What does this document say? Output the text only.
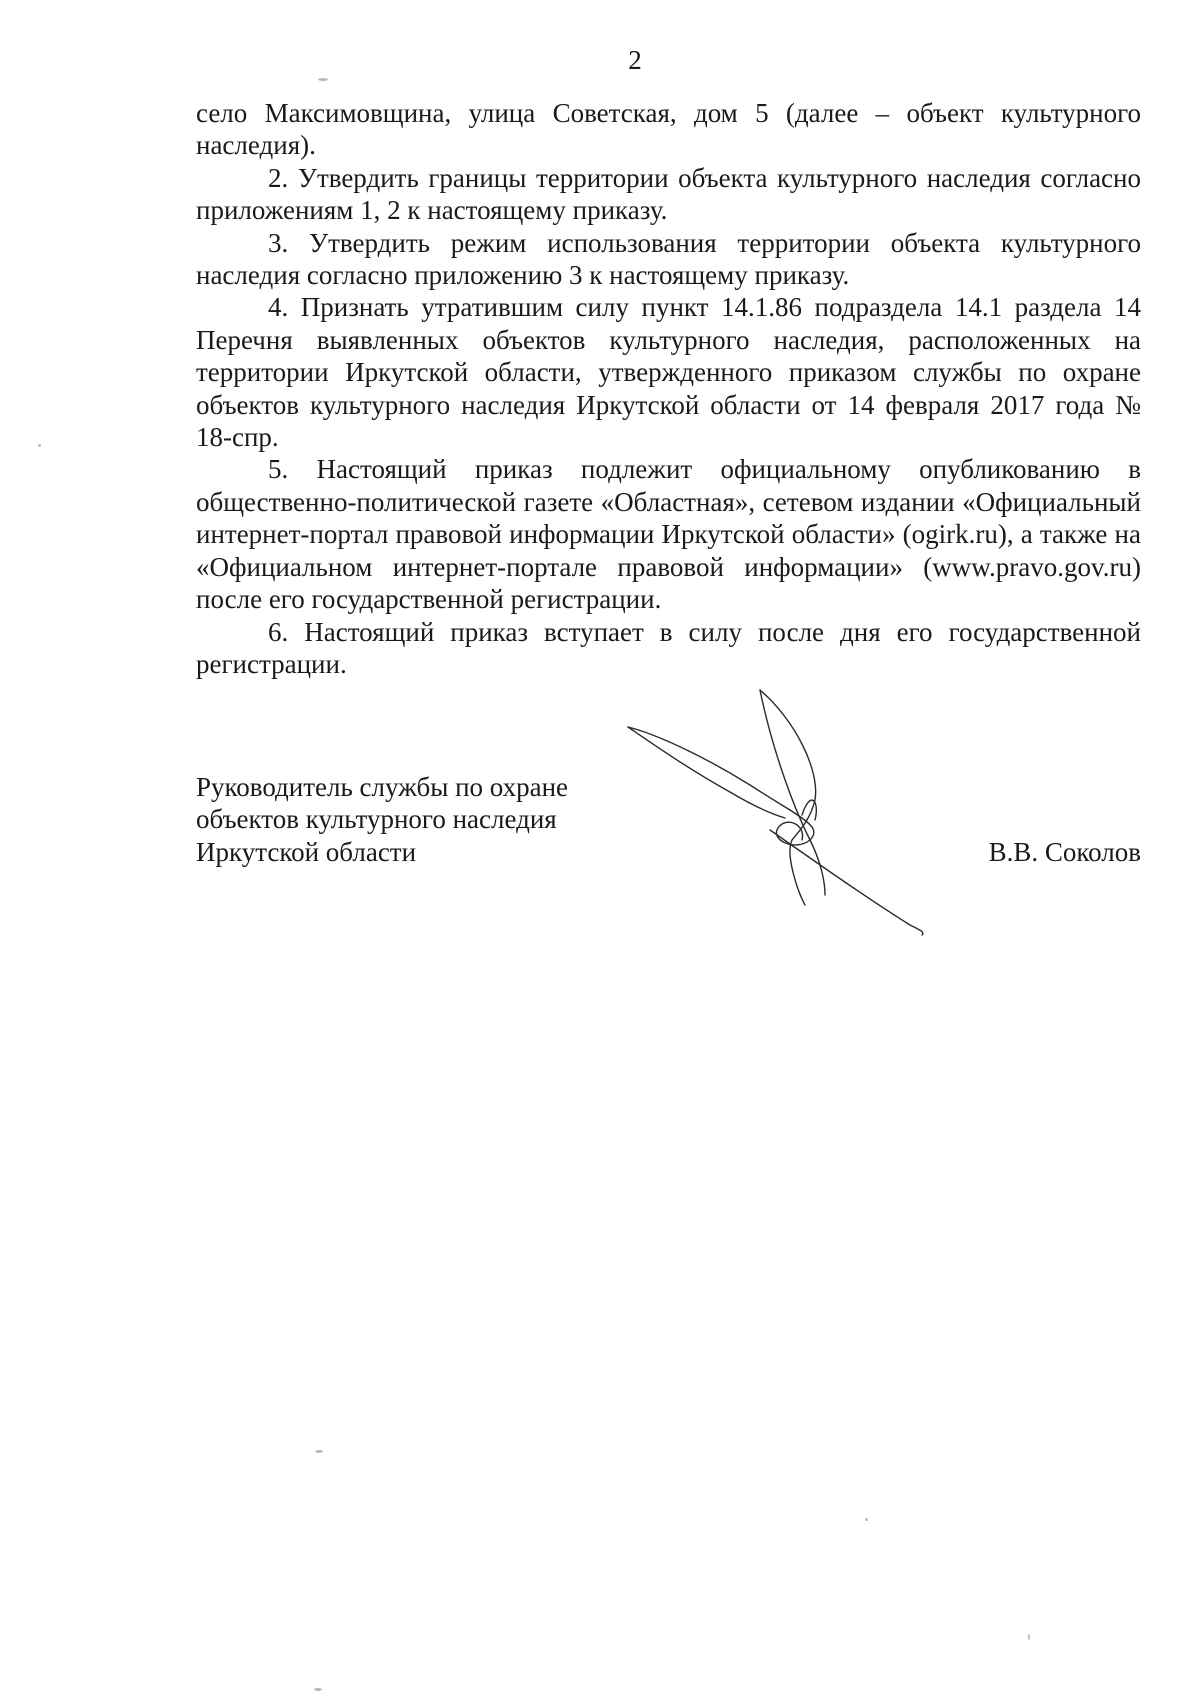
2

село Максимовщина, улица Советская, дом 5 (далее – объект культурного наследия).

2. Утвердить границы территории объекта культурного наследия согласно приложениям 1, 2 к настоящему приказу.

3. Утвердить режим использования территории объекта культурного наследия согласно приложению 3 к настоящему приказу.

4. Признать утратившим силу пункт 14.1.86 подраздела 14.1 раздела 14 Перечня выявленных объектов культурного наследия, расположенных на территории Иркутской области, утвержденного приказом службы по охране объектов культурного наследия Иркутской области от 14 февраля 2017 года № 18-спр.

5. Настоящий приказ подлежит официальному опубликованию в общественно-политической газете «Областная», сетевом издании «Официальный интернет-портал правовой информации Иркутской области» (ogirk.ru), а также на «Официальном интернет-портале правовой информации» (www.pravo.gov.ru) после его государственной регистрации.

6. Настоящий приказ вступает в силу после дня его государственной регистрации.

Руководитель службы по охране
объектов культурного наследия
Иркутской области	В.В. Соколов
